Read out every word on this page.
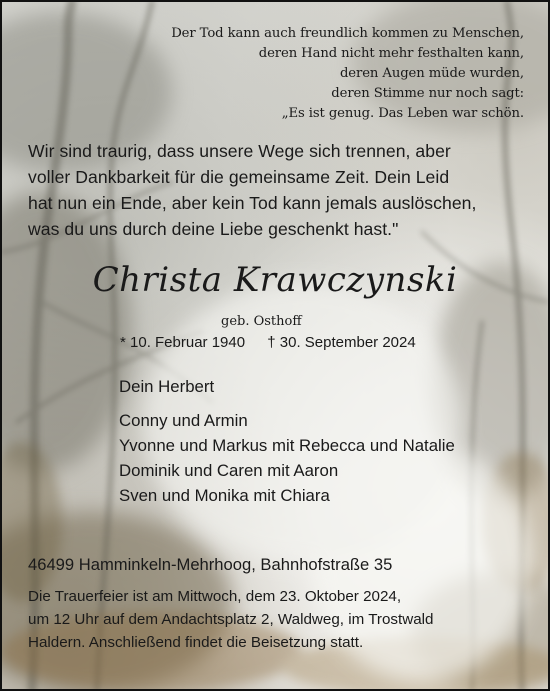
Der Tod kann auch freundlich kommen zu Menschen,
deren Hand nicht mehr festhalten kann,
deren Augen müde wurden,
deren Stimme nur noch sagt:
„Es ist genug. Das Leben war schön.
Wir sind traurig, dass unsere Wege sich trennen, aber
voller Dankbarkeit für die gemeinsame Zeit. Dein Leid
hat nun ein Ende, aber kein Tod kann jemals auslöschen,
was du uns durch deine Liebe geschenkt hast."
Christa Krawczynski
geb. Osthoff
* 10. Februar 1940 † 30. September 2024
Dein Herbert
Conny und Armin
Yvonne und Markus mit Rebecca und Natalie
Dominik und Caren mit Aaron
Sven und Monika mit Chiara
46499 Hamminkeln-Mehrhoog, Bahnhofstraße 35
Die Trauerfeier ist am Mittwoch, dem 23. Oktober 2024,
um 12 Uhr auf dem Andachtsplatz 2, Waldweg, im Trostwald
Haldern. Anschließend findet die Beisetzung statt.
